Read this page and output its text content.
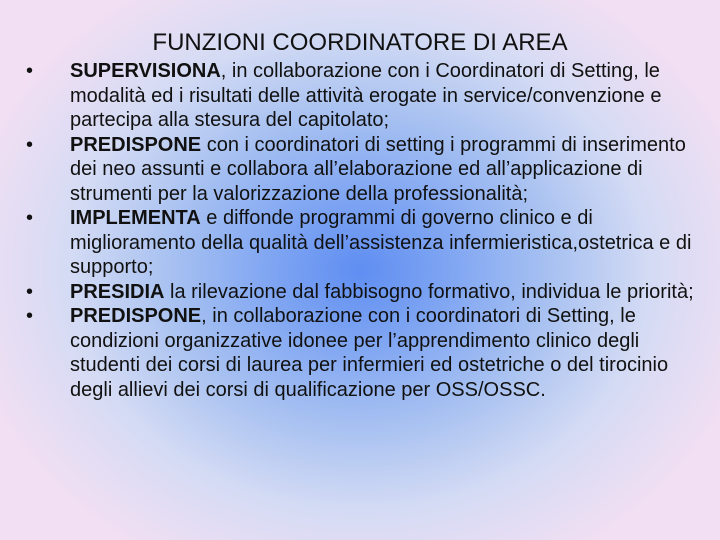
FUNZIONI COORDINATORE DI AREA
•	SUPERVISIONA, in collaborazione con i Coordinatori di Setting, le modalità ed i risultati delle attività erogate in service/convenzione e partecipa alla stesura del capitolato;
•	PREDISPONE con i coordinatori di setting i programmi di inserimento dei neo assunti e collabora all’elaborazione ed all’applicazione di strumenti per la valorizzazione della professionalità;
•	IMPLEMENTA e diffonde programmi di governo clinico e di miglioramento della qualità dell’assistenza infermieristica,ostetrica e di supporto;
•	PRESIDIA la rilevazione dal fabbisogno formativo, individua le priorità;
•	PREDISPONE, in collaborazione con i coordinatori di Setting, le condizioni organizzative idonee per l’apprendimento clinico degli studenti dei corsi di laurea per infermieri ed ostetriche o del tirocinio degli allievi dei corsi di qualificazione per OSS/OSSC.
